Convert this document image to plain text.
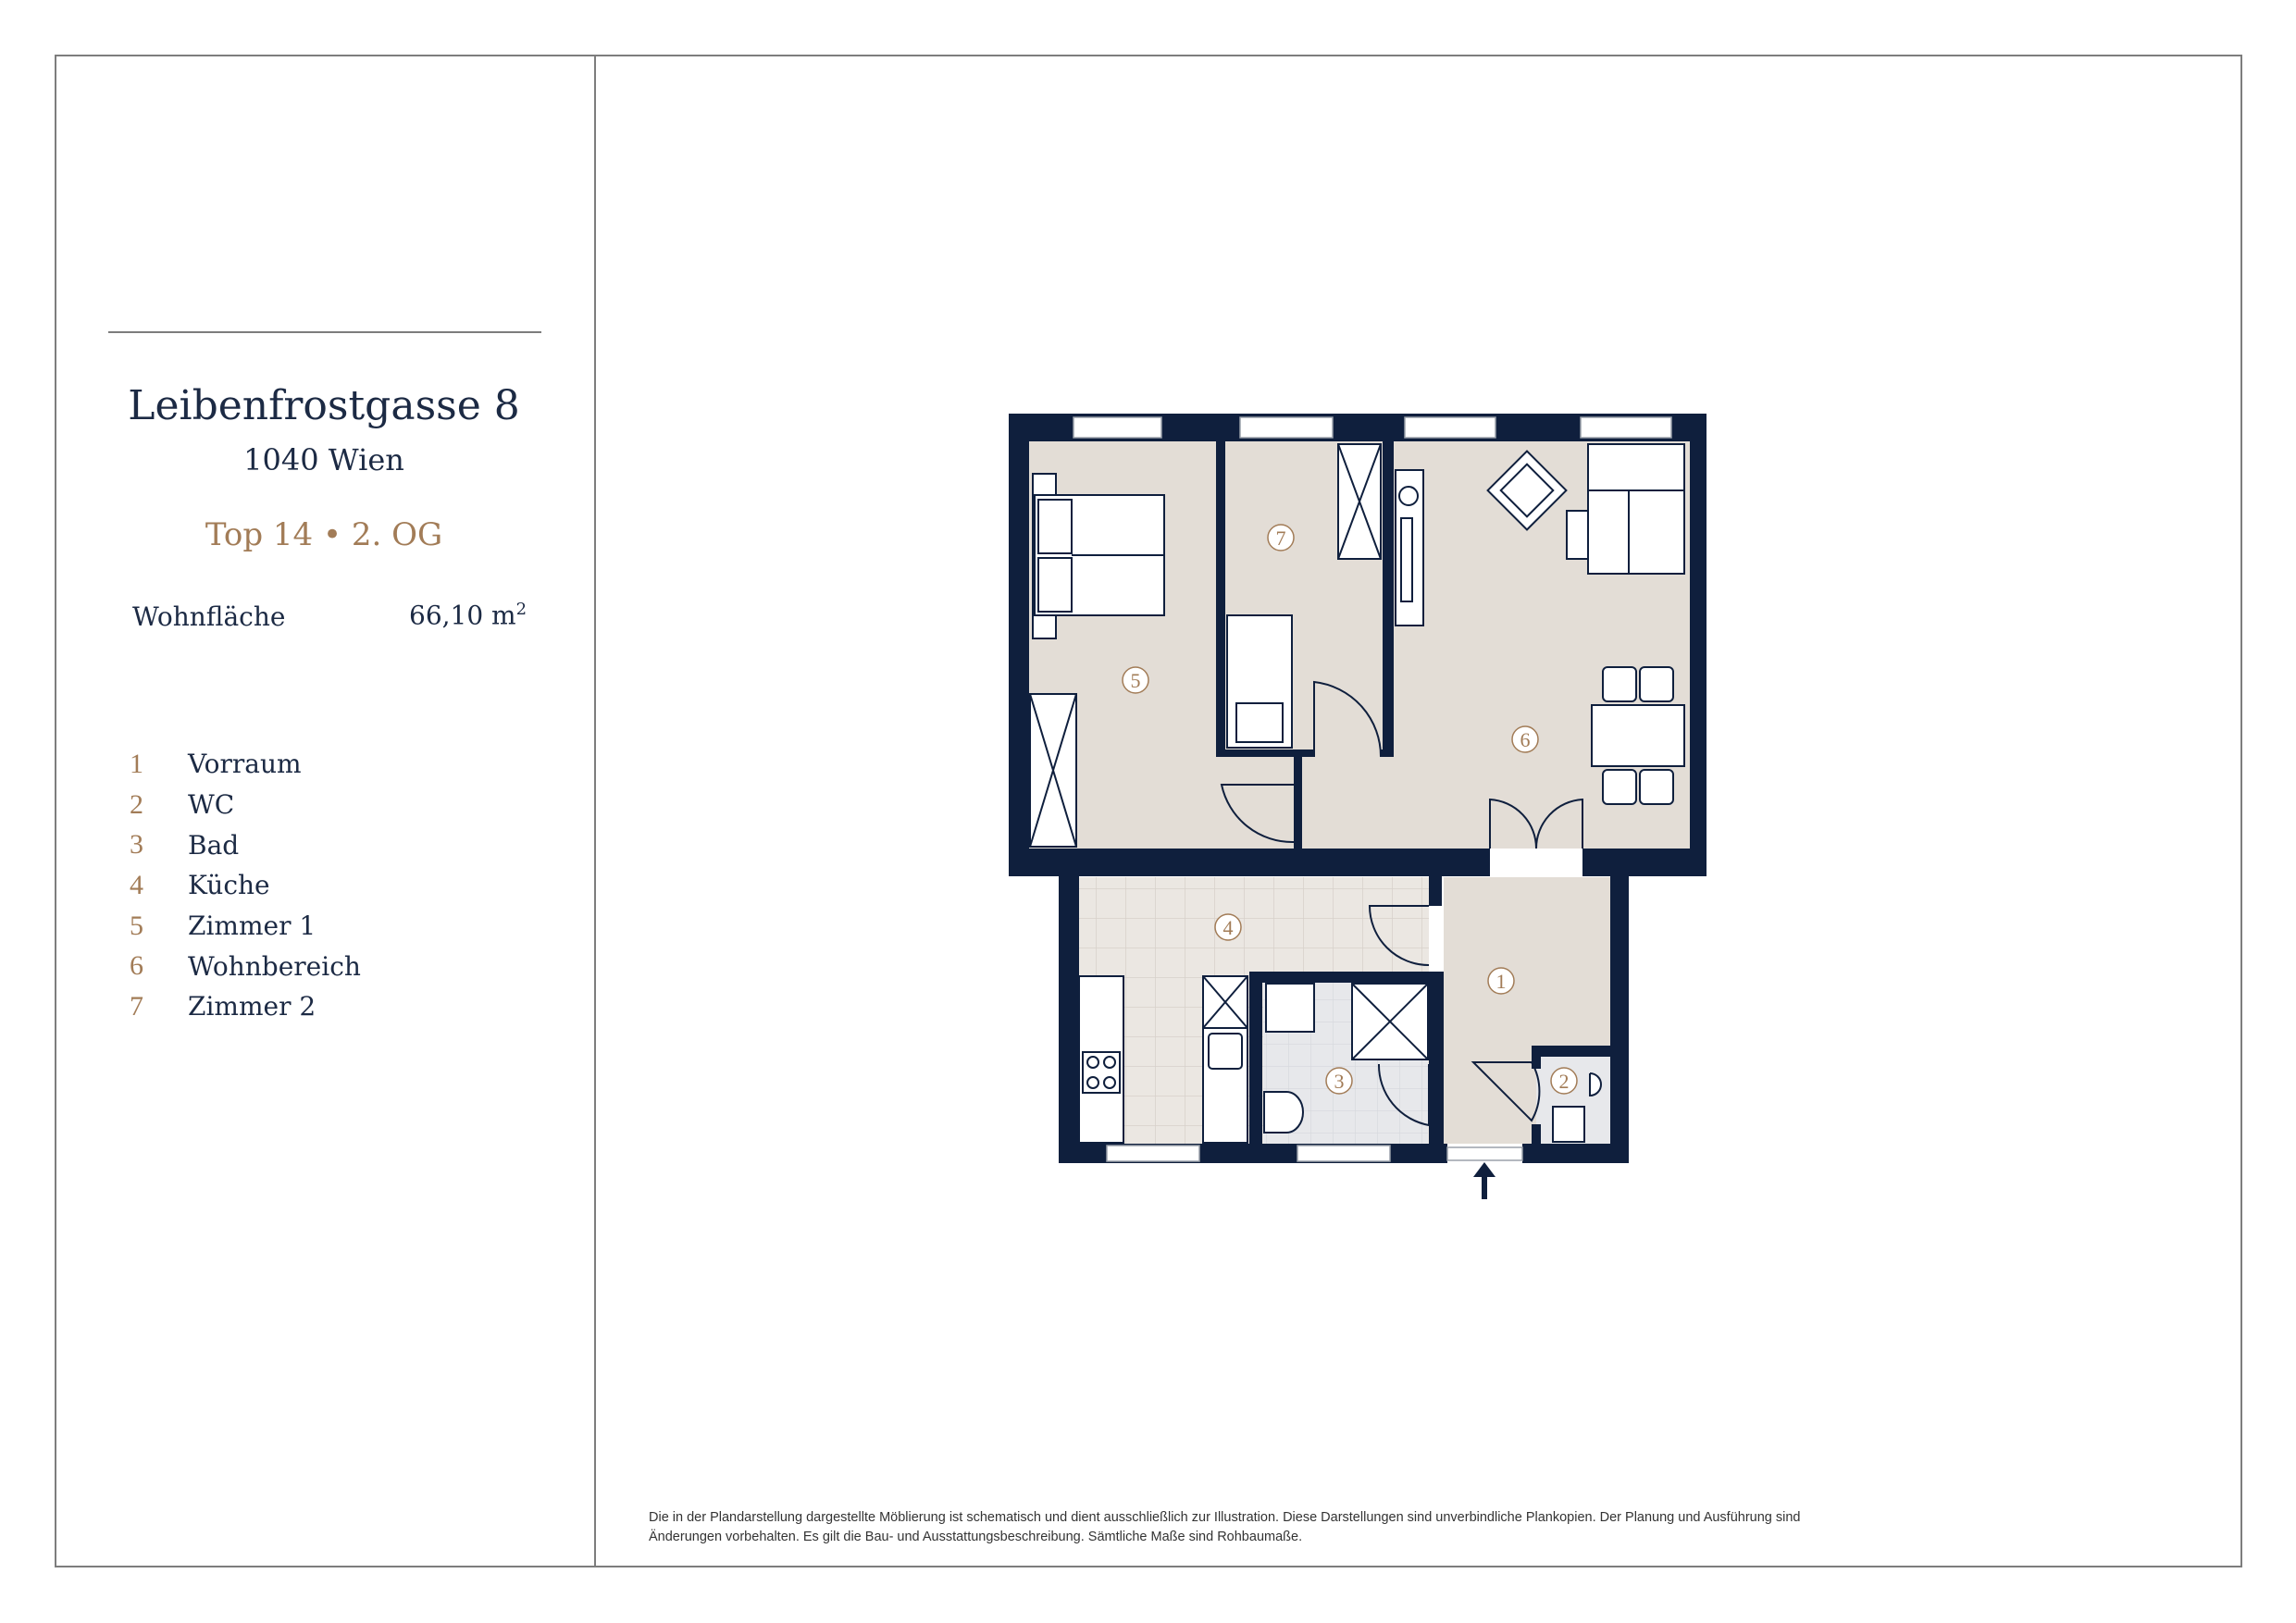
Leibenfrostgasse 8
1040 Wien
Top 14 • 2. OG
Wohnfläche	66,10 $m^2$
1	Vorraum
2	WC
3	Bad
4	Küche
5	Zimmer 1
6	Wohnbereich
7	Zimmer 2
1
2
3
4
5
6
7
Die in der Plandarstellung dargestellte Möblierung ist schematisch und dient ausschließlich zur Illustration. Diese Darstellungen sind unverbindliche Plankopien. Der Planung und Ausführung sind Änderungen vorbehalten. Es gilt die Bau- und Ausstattungsbeschreibung. Sämtliche Maße sind Rohbaumaße.
